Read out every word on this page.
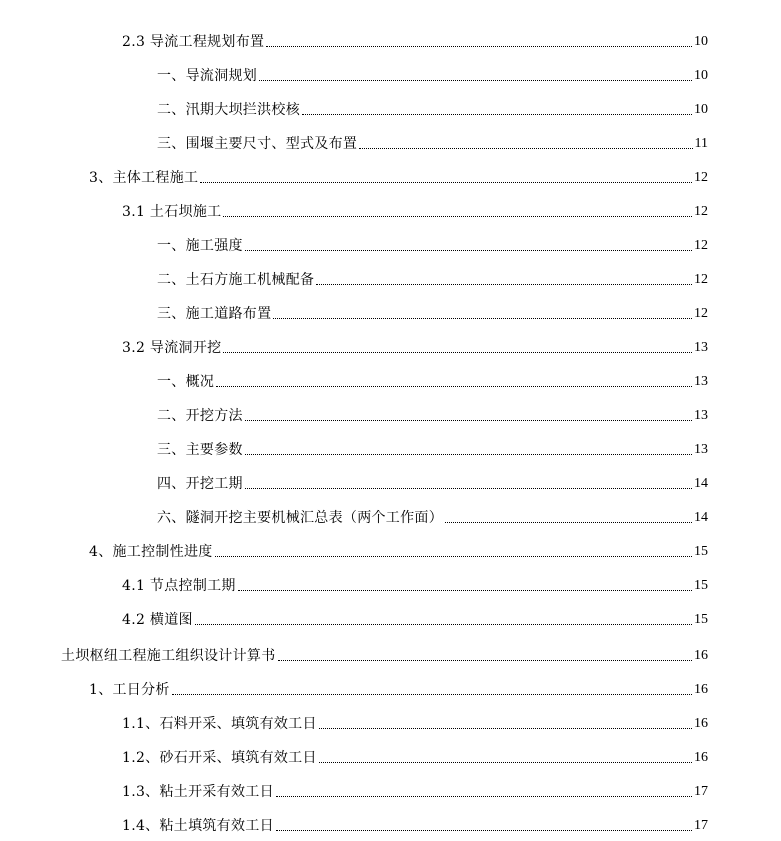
2.3 导流工程规划布置	10
一、导流洞规划	10
二、汛期大坝拦洪校核	10
三、围堰主要尺寸、型式及布置	11
3、主体工程施工	12
3.1 土石坝施工	12
一、施工强度	12
二、土石方施工机械配备	12
三、施工道路布置	12
3.2 导流洞开挖	13
一、概况	13
二、开挖方法	13
三、主要参数	13
四、开挖工期	14
六、隧洞开挖主要机械汇总表（两个工作面）	14
4、施工控制性进度	15
4.1 节点控制工期	15
4.2 横道图	15
土坝枢纽工程施工组织设计计算书	16
1、工日分析	16
1.1、石料开采、填筑有效工日	16
1.2、砂石开采、填筑有效工日	16
1.3、粘土开采有效工日	17
1.4、粘土填筑有效工日	17
